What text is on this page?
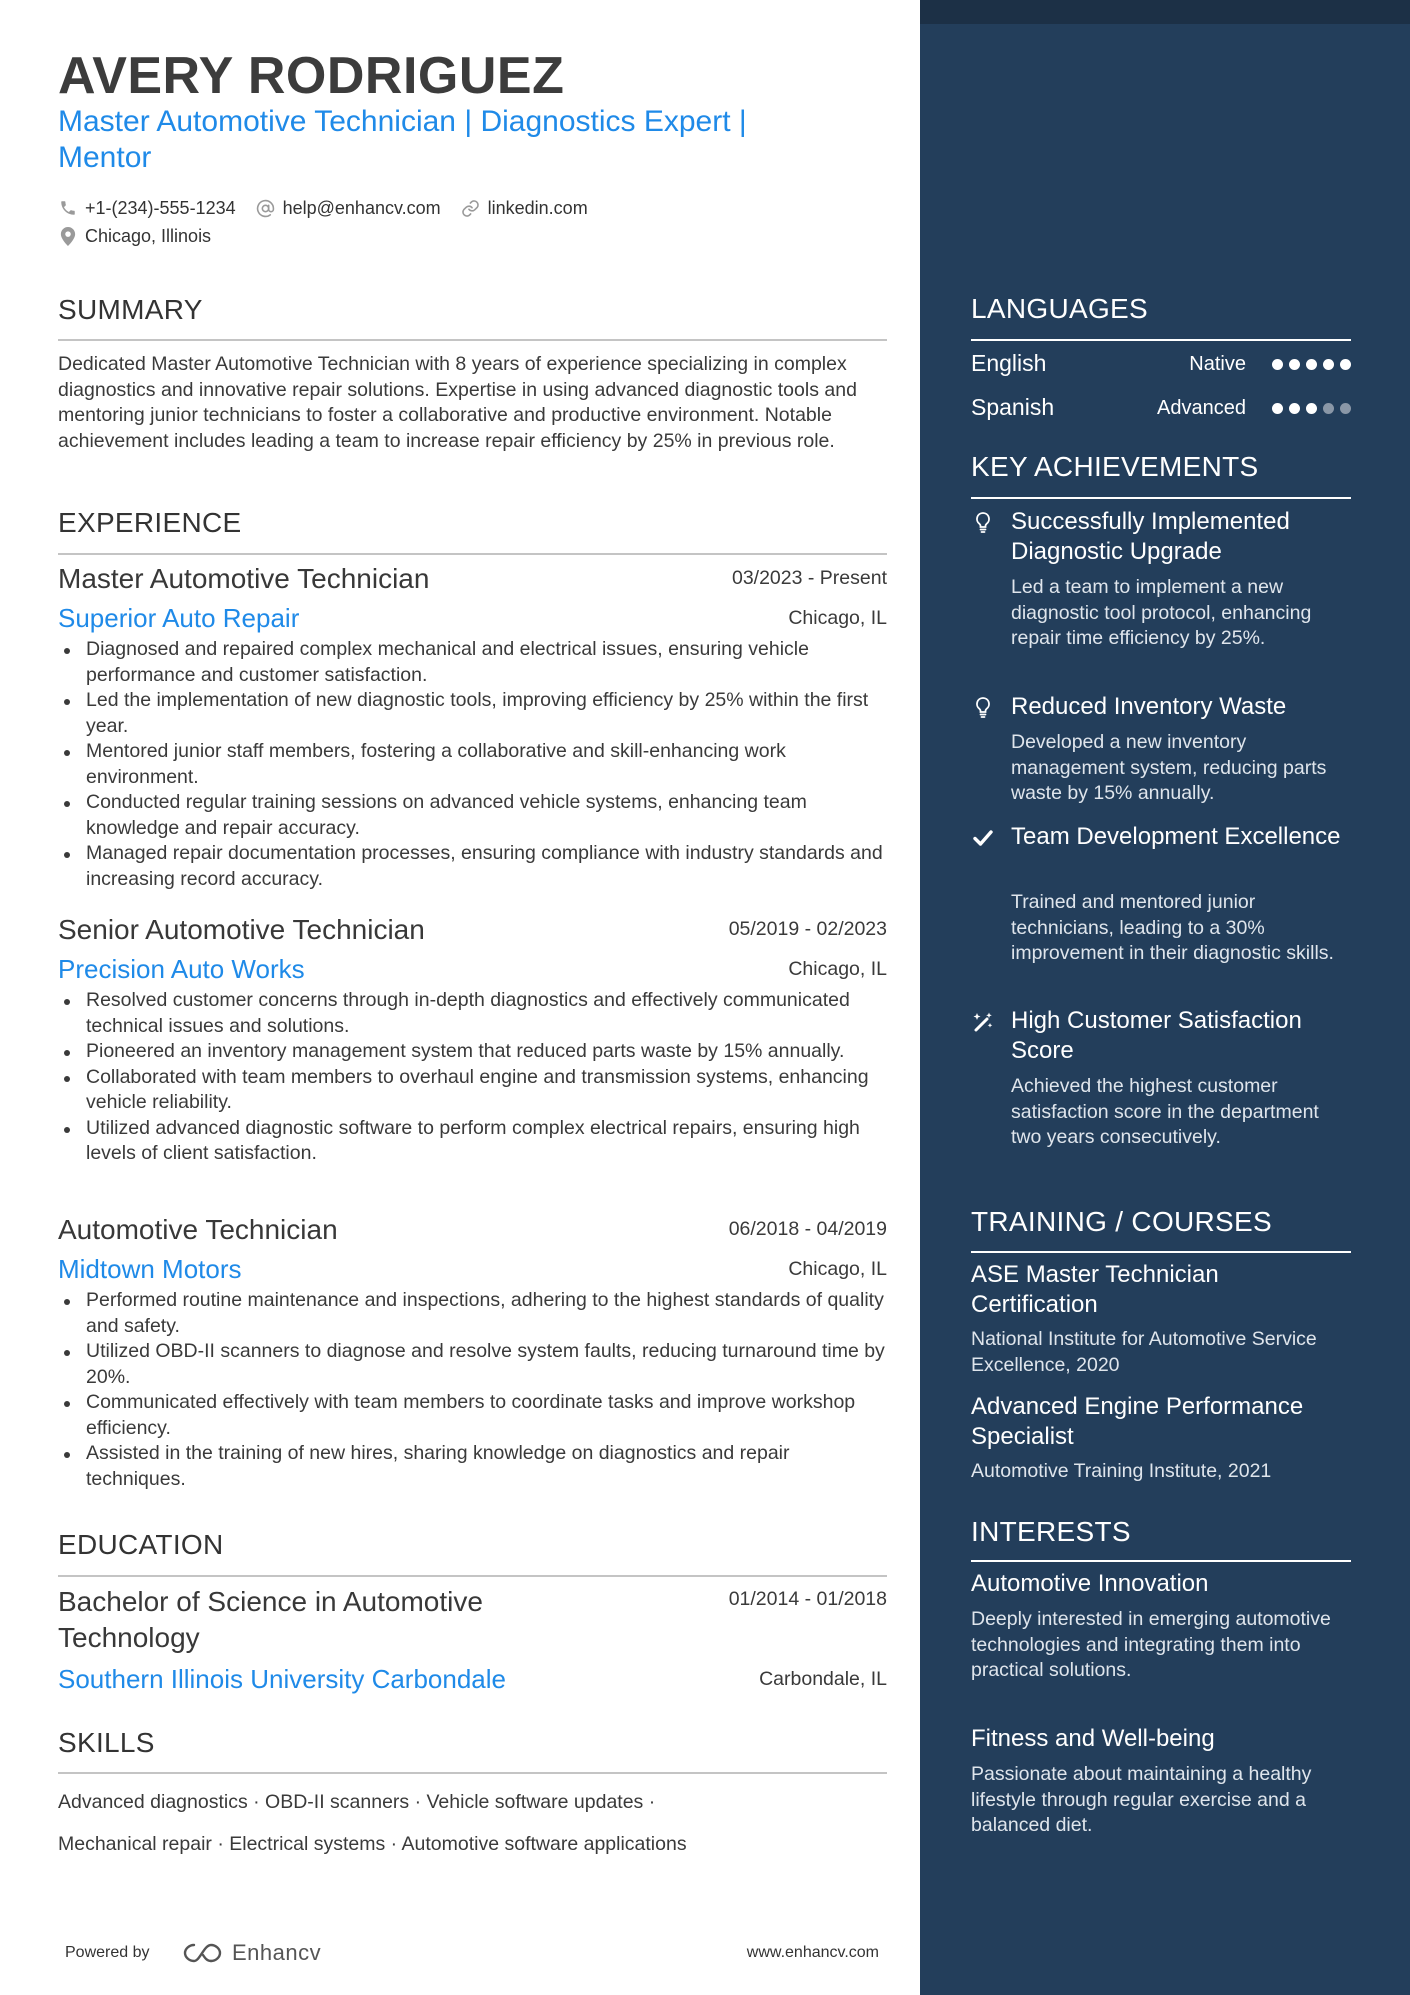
AVERY RODRIGUEZ
Master Automotive Technician | Diagnostics Expert | Mentor
+1-(234)-555-1234	help@enhancv.com	linkedin.com
Chicago, Illinois
SUMMARY
Dedicated Master Automotive Technician with 8 years of experience specializing in complex diagnostics and innovative repair solutions. Expertise in using advanced diagnostic tools and mentoring junior technicians to foster a collaborative and productive environment. Notable achievement includes leading a team to increase repair efficiency by 25% in previous role.
EXPERIENCE
Master Automotive Technician	03/2023 - Present
Superior Auto Repair	Chicago, IL
Diagnosed and repaired complex mechanical and electrical issues, ensuring vehicle performance and customer satisfaction.
Led the implementation of new diagnostic tools, improving efficiency by 25% within the first year.
Mentored junior staff members, fostering a collaborative and skill-enhancing work environment.
Conducted regular training sessions on advanced vehicle systems, enhancing team knowledge and repair accuracy.
Managed repair documentation processes, ensuring compliance with industry standards and increasing record accuracy.
Senior Automotive Technician	05/2019 - 02/2023
Precision Auto Works	Chicago, IL
Resolved customer concerns through in-depth diagnostics and effectively communicated technical issues and solutions.
Pioneered an inventory management system that reduced parts waste by 15% annually.
Collaborated with team members to overhaul engine and transmission systems, enhancing vehicle reliability.
Utilized advanced diagnostic software to perform complex electrical repairs, ensuring high levels of client satisfaction.
Automotive Technician	06/2018 - 04/2019
Midtown Motors	Chicago, IL
Performed routine maintenance and inspections, adhering to the highest standards of quality and safety.
Utilized OBD-II scanners to diagnose and resolve system faults, reducing turnaround time by 20%.
Communicated effectively with team members to coordinate tasks and improve workshop efficiency.
Assisted in the training of new hires, sharing knowledge on diagnostics and repair techniques.
EDUCATION
Bachelor of Science in Automotive Technology
01/2014 - 01/2018
Southern Illinois University Carbondale	Carbondale, IL
SKILLS
Advanced diagnostics · OBD-II scanners · Vehicle software updates ·
Mechanical repair · Electrical systems · Automotive software applications
Powered by	Enhancv	www.enhancv.com
LANGUAGES
English	Native
Spanish	Advanced
KEY ACHIEVEMENTS
Successfully Implemented Diagnostic Upgrade
Led a team to implement a new diagnostic tool protocol, enhancing repair time efficiency by 25%.
Reduced Inventory Waste
Developed a new inventory management system, reducing parts waste by 15% annually.
Team Development Excellence
Trained and mentored junior technicians, leading to a 30% improvement in their diagnostic skills.
High Customer Satisfaction Score
Achieved the highest customer satisfaction score in the department two years consecutively.
TRAINING / COURSES
ASE Master Technician Certification
National Institute for Automotive Service Excellence, 2020
Advanced Engine Performance Specialist
Automotive Training Institute, 2021
INTERESTS
Automotive Innovation
Deeply interested in emerging automotive technologies and integrating them into practical solutions.
Fitness and Well-being
Passionate about maintaining a healthy lifestyle through regular exercise and a balanced diet.
